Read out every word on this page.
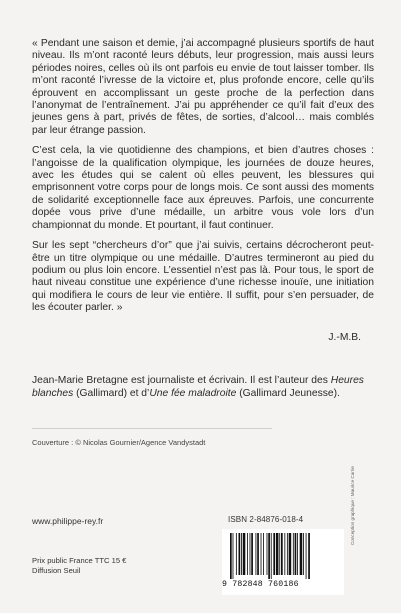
« Pendant une saison et demie, j’ai accompagné plusieurs sportifs de haut niveau. Ils m’ont raconté leurs débuts, leur progression, mais aussi leurs périodes noires, celles où ils ont parfois eu envie de tout laisser tomber. Ils m’ont raconté l’ivresse de la victoire et, plus profonde encore, celle qu’ils éprouvent en accomplissant un geste proche de la perfection dans l’anonymat de l’entraînement. J’ai pu appréhender ce qu’il fait d’eux des jeunes gens à part, privés de fêtes, de sorties, d’alcool… mais comblés par leur étrange passion.

C’est cela, la vie quotidienne des champions, et bien d’autres choses : l’angoisse de la qualification olympique, les journées de douze heures, avec les études qui se calent où elles peuvent, les blessures qui emprisonnent votre corps pour de longs mois. Ce sont aussi des moments de solidarité exceptionnelle face aux épreuves. Parfois, une concurrente dopée vous prive d’une médaille, un arbitre vous vole lors d’un championnat du monde. Et pourtant, il faut continuer.

Sur les sept “chercheurs d’or” que j’ai suivis, certains décrocheront peut-être un titre olympique ou une médaille. D’autres termineront au pied du podium ou plus loin encore. L’essentiel n’est pas là. Pour tous, le sport de haut niveau constitue une expérience d’une richesse inouïe, une initiation qui modifiera le cours de leur vie entière. Il suffit, pour s’en persuader, de les écouter parler. »

J.-M.B.
Jean-Marie Bretagne est journaliste et écrivain. Il est l’auteur des Heures blanches (Gallimard) et d’Une fée maladroite (Gallimard Jeunesse).
Couverture : © Nicolas Gournier/Agence Vandystadt
www.philippe-rey.fr
Prix public France TTC 15 €
Diffusion Seuil
ISBN 2-84876-018-4
9 782848 760186
Conception graphique : Maurice Carrie
